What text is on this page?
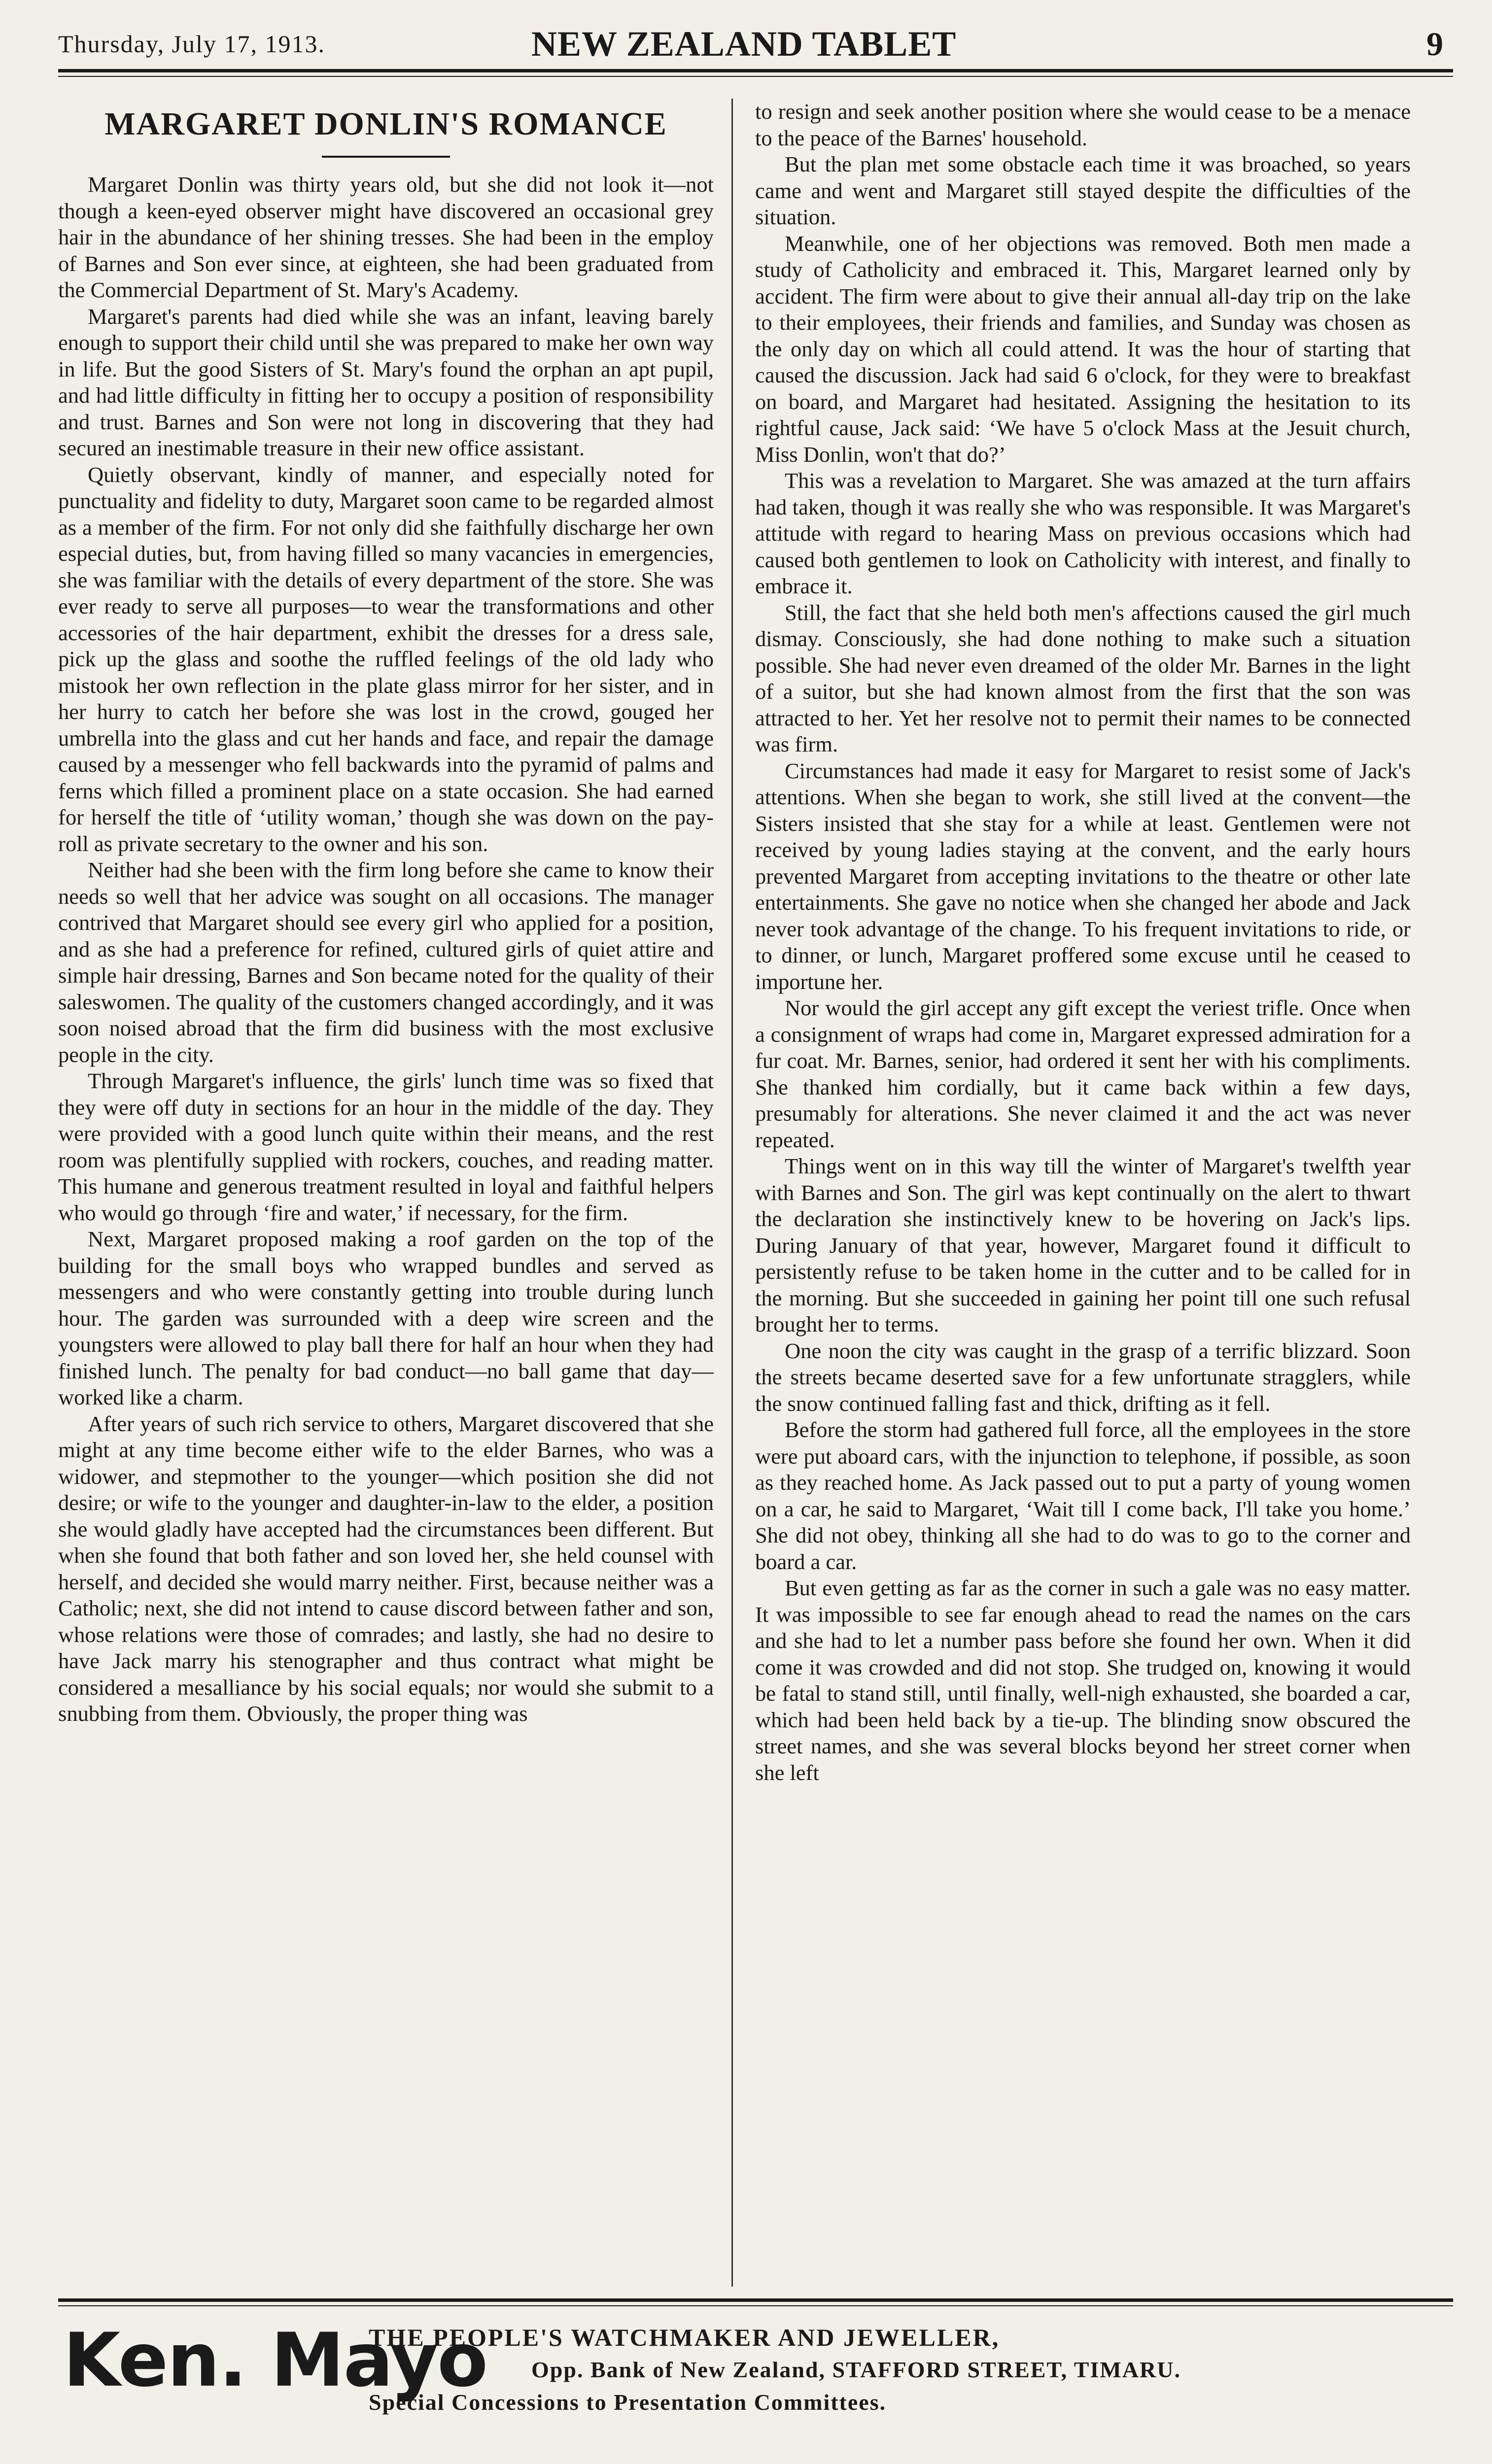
Thursday, July 17, 1913.	NEW ZEALAND TABLET	9
MARGARET DONLIN'S ROMANCE

Margaret Donlin was thirty years old, but she did not look it—not though a keen-eyed observer might have discovered an occasional grey hair in the abundance of her shining tresses. She had been in the employ of Barnes and Son ever since, at eighteen, she had been graduated from the Commercial Department of St. Mary's Academy.

Margaret's parents had died while she was an infant, leaving barely enough to support their child until she was prepared to make her own way in life. But the good Sisters of St. Mary's found the orphan an apt pupil, and had little difficulty in fitting her to occupy a position of responsibility and trust. Barnes and Son were not long in discovering that they had secured an inestimable treasure in their new office assistant.

Quietly observant, kindly of manner, and especially noted for punctuality and fidelity to duty, Margaret soon came to be regarded almost as a member of the firm. For not only did she faithfully discharge her own especial duties, but, from having filled so many vacancies in emergencies, she was familiar with the details of every department of the store. She was ever ready to serve all purposes—to wear the transformations and other accessories of the hair department, exhibit the dresses for a dress sale, pick up the glass and soothe the ruffled feelings of the old lady who mistook her own reflection in the plate glass mirror for her sister, and in her hurry to catch her before she was lost in the crowd, gouged her umbrella into the glass and cut her hands and face, and repair the damage caused by a messenger who fell backwards into the pyramid of palms and ferns which filled a prominent place on a state occasion. She had earned for herself the title of ‘utility woman,’ though she was down on the pay-roll as private secretary to the owner and his son.

Neither had she been with the firm long before she came to know their needs so well that her advice was sought on all occasions. The manager contrived that Margaret should see every girl who applied for a position, and as she had a preference for refined, cultured girls of quiet attire and simple hair dressing, Barnes and Son became noted for the quality of their saleswomen. The quality of the customers changed accordingly, and it was soon noised abroad that the firm did business with the most exclusive people in the city.

Through Margaret's influence, the girls' lunch time was so fixed that they were off duty in sections for an hour in the middle of the day. They were provided with a good lunch quite within their means, and the rest room was plentifully supplied with rockers, couches, and reading matter. This humane and generous treatment resulted in loyal and faithful helpers who would go through ‘fire and water,’ if necessary, for the firm.

Next, Margaret proposed making a roof garden on the top of the building for the small boys who wrapped bundles and served as messengers and who were constantly getting into trouble during lunch hour. The garden was surrounded with a deep wire screen and the youngsters were allowed to play ball there for half an hour when they had finished lunch. The penalty for bad conduct—no ball game that day—worked like a charm.

After years of such rich service to others, Margaret discovered that she might at any time become either wife to the elder Barnes, who was a widower, and stepmother to the younger—which position she did not desire; or wife to the younger and daughter-in-law to the elder, a position she would gladly have accepted had the circumstances been different. But when she found that both father and son loved her, she held counsel with herself, and decided she would marry neither. First, because neither was a Catholic; next, she did not intend to cause discord between father and son, whose relations were those of comrades; and lastly, she had no desire to have Jack marry his stenographer and thus contract what might be considered a mesalliance by his social equals; nor would she submit to a snubbing from them. Obviously, the proper thing was

to resign and seek another position where she would cease to be a menace to the peace of the Barnes' household.

But the plan met some obstacle each time it was broached, so years came and went and Margaret still stayed despite the difficulties of the situation.

Meanwhile, one of her objections was removed. Both men made a study of Catholicity and embraced it. This, Margaret learned only by accident. The firm were about to give their annual all-day trip on the lake to their employees, their friends and families, and Sunday was chosen as the only day on which all could attend. It was the hour of starting that caused the discussion. Jack had said 6 o'clock, for they were to breakfast on board, and Margaret had hesitated. Assigning the hesitation to its rightful cause, Jack said: ‘We have 5 o'clock Mass at the Jesuit church, Miss Donlin, won't that do?’

This was a revelation to Margaret. She was amazed at the turn affairs had taken, though it was really she who was responsible. It was Margaret's attitude with regard to hearing Mass on previous occasions which had caused both gentlemen to look on Catholicity with interest, and finally to embrace it.

Still, the fact that she held both men's affections caused the girl much dismay. Consciously, she had done nothing to make such a situation possible. She had never even dreamed of the older Mr. Barnes in the light of a suitor, but she had known almost from the first that the son was attracted to her. Yet her resolve not to permit their names to be connected was firm.

Circumstances had made it easy for Margaret to resist some of Jack's attentions. When she began to work, she still lived at the convent—the Sisters insisted that she stay for a while at least. Gentlemen were not received by young ladies staying at the convent, and the early hours prevented Margaret from accepting invitations to the theatre or other late entertainments. She gave no notice when she changed her abode and Jack never took advantage of the change. To his frequent invitations to ride, or to dinner, or lunch, Margaret proffered some excuse until he ceased to importune her.

Nor would the girl accept any gift except the veriest trifle. Once when a consignment of wraps had come in, Margaret expressed admiration for a fur coat. Mr. Barnes, senior, had ordered it sent her with his compliments. She thanked him cordially, but it came back within a few days, presumably for alterations. She never claimed it and the act was never repeated.

Things went on in this way till the winter of Margaret's twelfth year with Barnes and Son. The girl was kept continually on the alert to thwart the declaration she instinctively knew to be hovering on Jack's lips. During January of that year, however, Margaret found it difficult to persistently refuse to be taken home in the cutter and to be called for in the morning. But she succeeded in gaining her point till one such refusal brought her to terms.

One noon the city was caught in the grasp of a terrific blizzard. Soon the streets became deserted save for a few unfortunate stragglers, while the snow continued falling fast and thick, drifting as it fell.

Before the storm had gathered full force, all the employees in the store were put aboard cars, with the injunction to telephone, if possible, as soon as they reached home. As Jack passed out to put a party of young women on a car, he said to Margaret, ‘Wait till I come back, I'll take you home.’ She did not obey, thinking all she had to do was to go to the corner and board a car.

But even getting as far as the corner in such a gale was no easy matter. It was impossible to see far enough ahead to read the names on the cars and she had to let a number pass before she found her own. When it did come it was crowded and did not stop. She trudged on, knowing it would be fatal to stand still, until finally, well-nigh exhausted, she boarded a car, which had been held back by a tie-up. The blinding snow obscured the street names, and she was several blocks beyond her street corner when she left

Ken. Mayo
THE PEOPLE'S WATCHMAKER AND JEWELLER,
Opp. Bank of New Zealand, STAFFORD STREET, TIMARU.
Special Concessions to Presentation Committees.
